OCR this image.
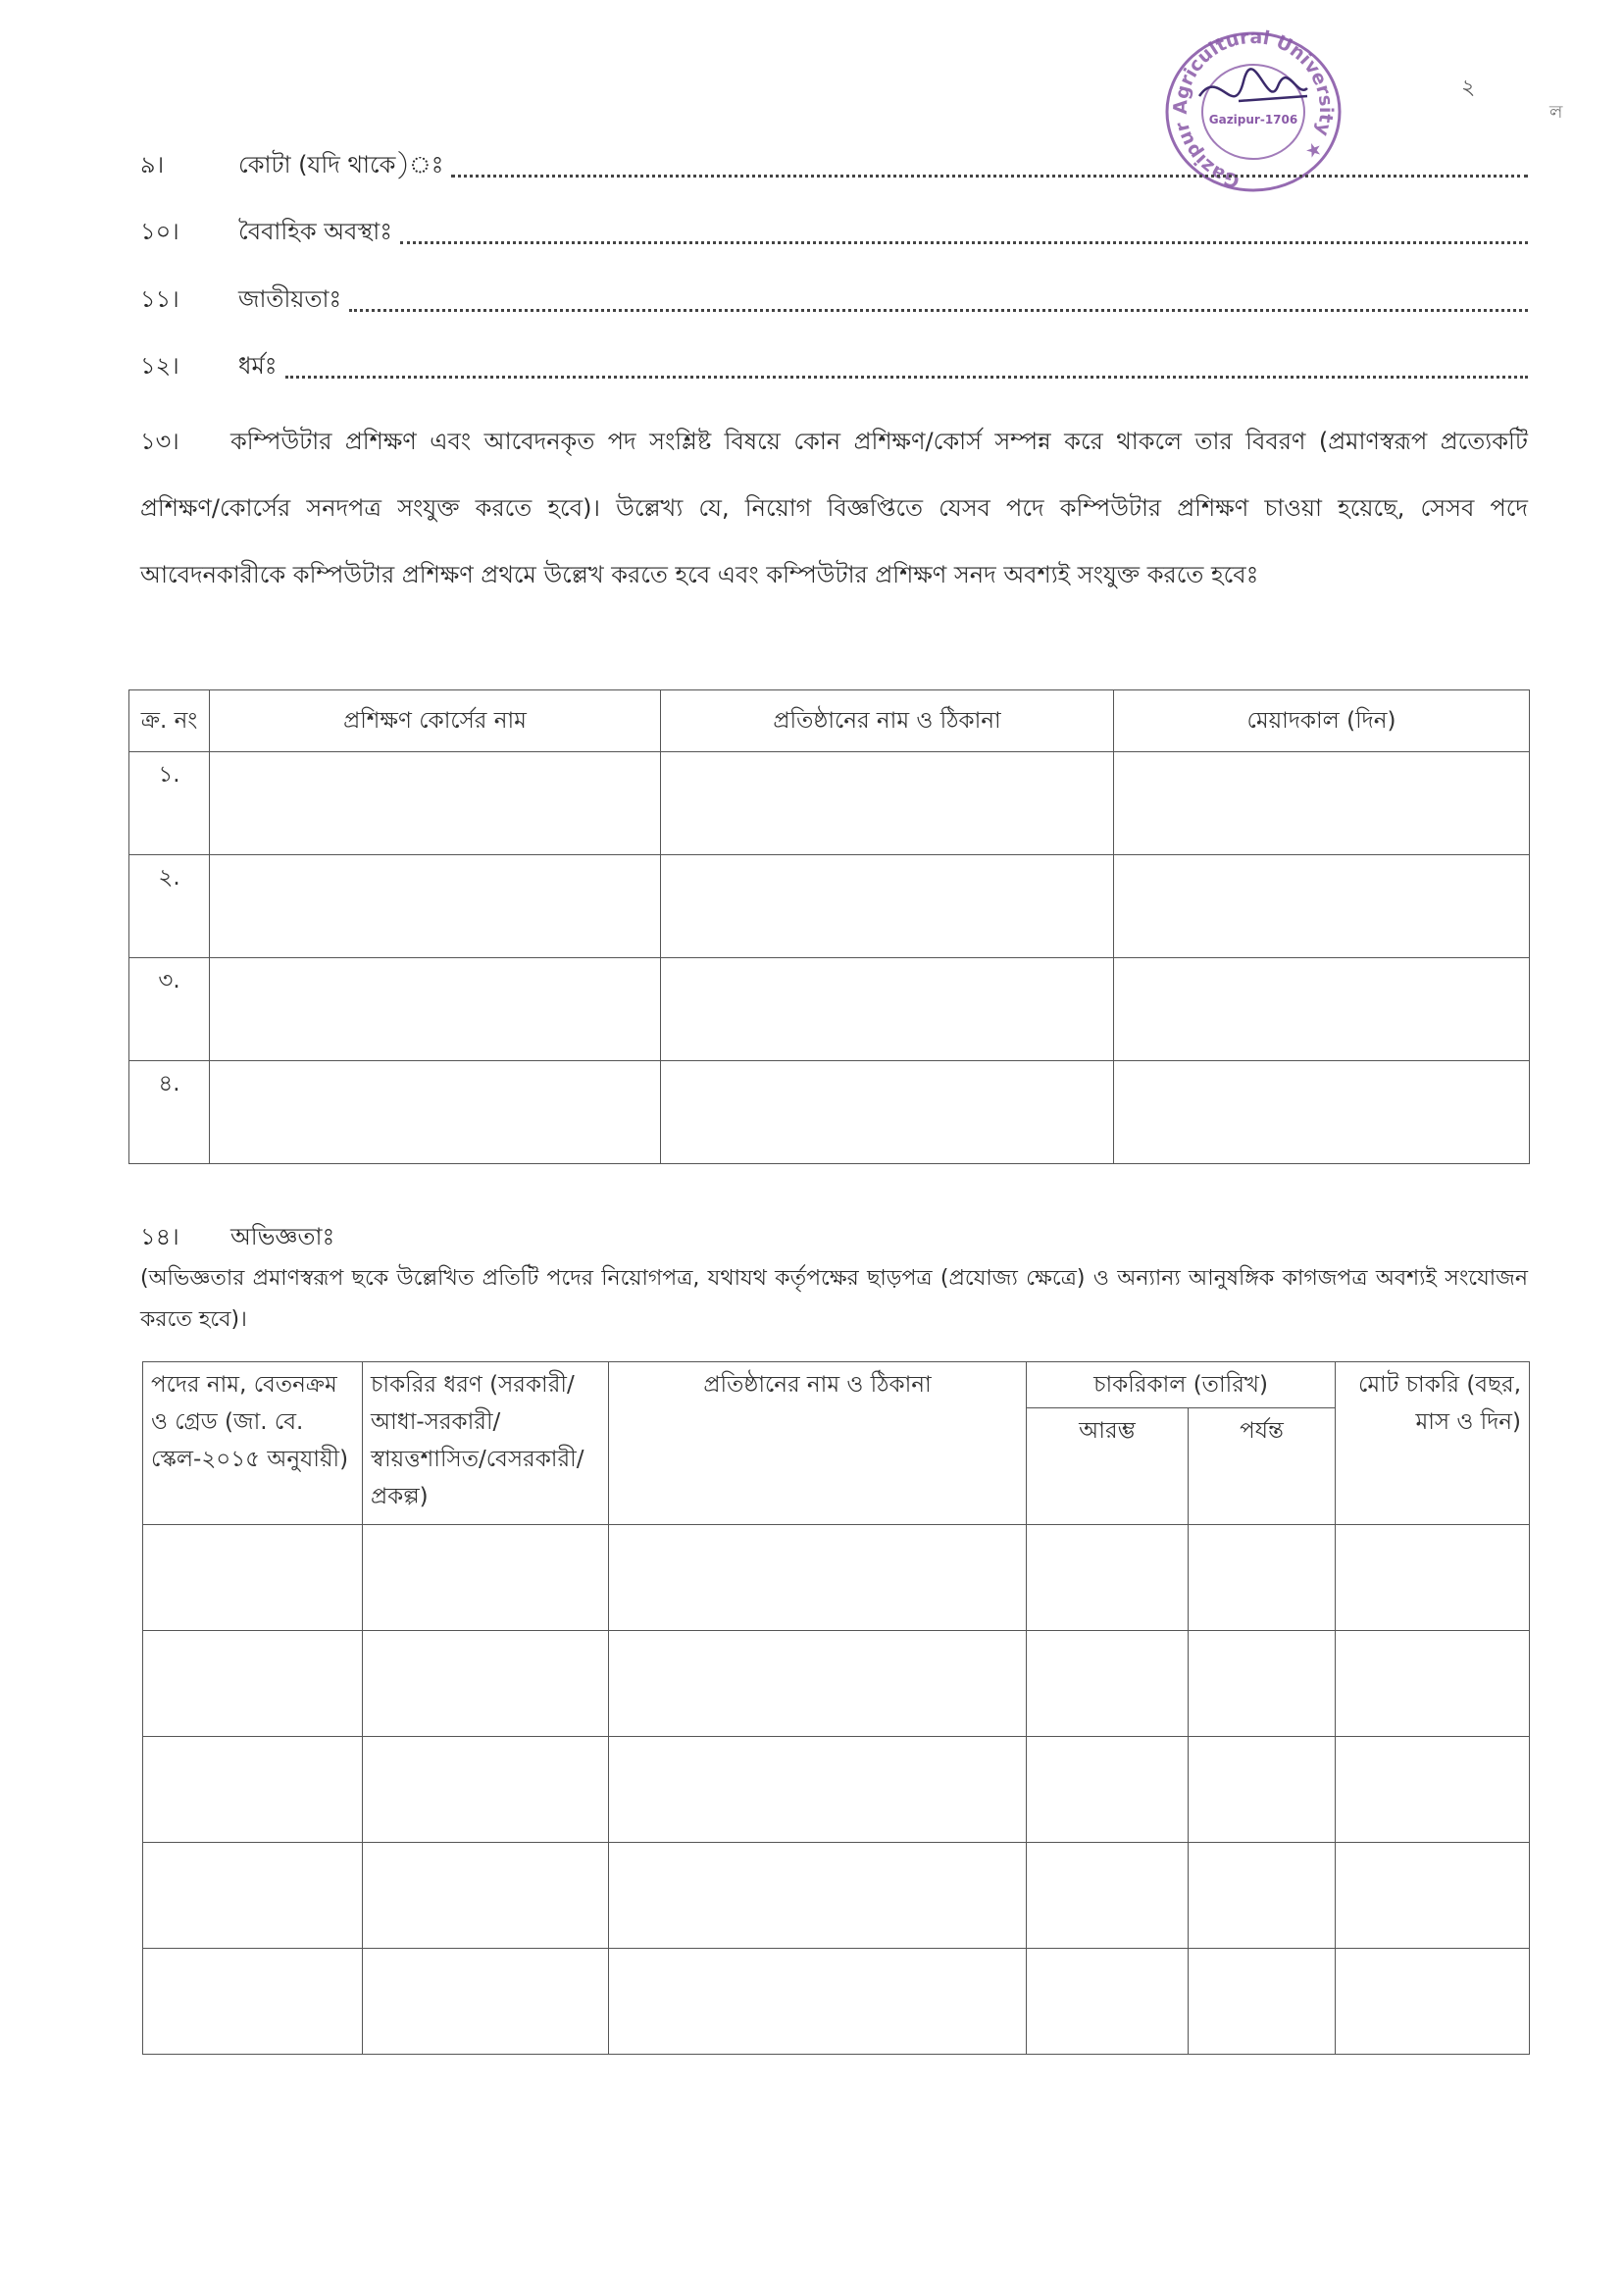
Gazipur Agricultural University ★
Gazipur-1706
২
ল
৯।	কোটা (যদি থাকে)ঃ
১০।	বৈবাহিক অবস্থাঃ
১১।	জাতীয়তাঃ
১২।	ধর্মঃ
১৩। কম্পিউটার প্রশিক্ষণ এবং আবেদনকৃত পদ সংশ্লিষ্ট বিষয়ে কোন প্রশিক্ষণ/কোর্স সম্পন্ন করে থাকলে তার বিবরণ (প্রমাণস্বরূপ প্রত্যেকটি প্রশিক্ষণ/কোর্সের সনদপত্র সংযুক্ত করতে হবে)। উল্লেখ্য যে, নিয়োগ বিজ্ঞপ্তিতে যেসব পদে কম্পিউটার প্রশিক্ষণ চাওয়া হয়েছে, সেসব পদে আবেদনকারীকে কম্পিউটার প্রশিক্ষণ প্রথমে উল্লেখ করতে হবে এবং কম্পিউটার প্রশিক্ষণ সনদ অবশ্যই সংযুক্ত করতে হবেঃ
ক্র. নং	প্রশিক্ষণ কোর্সের নাম	প্রতিষ্ঠানের নাম ও ঠিকানা	মেয়াদকাল (দিন)
১.			
২.			
৩.			
৪.			
১৪। অভিজ্ঞতাঃ
(অভিজ্ঞতার প্রমাণস্বরূপ ছকে উল্লেখিত প্রতিটি পদের নিয়োগপত্র, যথাযথ কর্তৃপক্ষের ছাড়পত্র (প্রযোজ্য ক্ষেত্রে) ও অন্যান্য আনুষঙ্গিক কাগজপত্র অবশ্যই সংযোজন করতে হবে)।
পদের নাম, বেতনক্রম ও গ্রেড (জা. বে. স্কেল-২০১৫ অনুযায়ী)	চাকরির ধরণ (সরকারী/আধা-সরকারী/স্বায়ত্তশাসিত/বেসরকারী/প্রকল্প)	প্রতিষ্ঠানের নাম ও ঠিকানা	চাকরিকাল (তারিখ)		মোট চাকরি (বছর, মাস ও দিন)
			আরম্ভ	পর্যন্ত	
